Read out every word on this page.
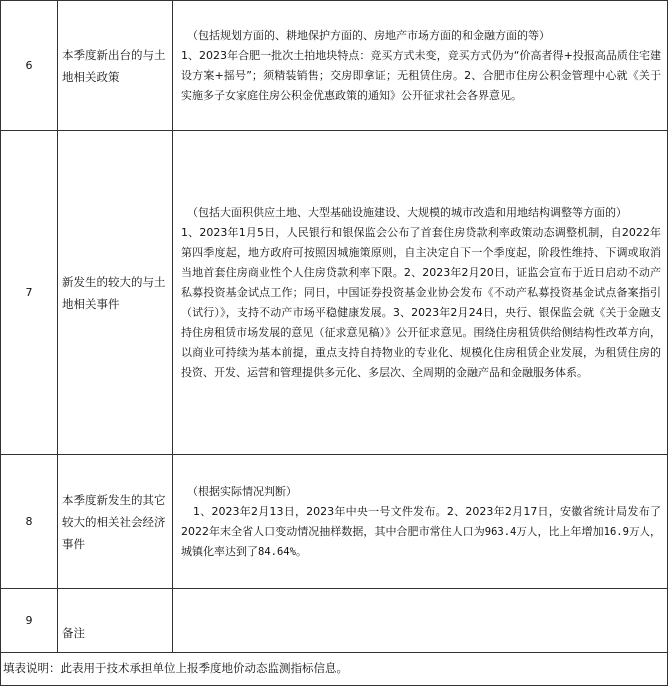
6	本季度新出台的与土地相关政策	（包括规划方面的、耕地保护方面的、房地产市场方面的和金融方面的等）

1、2023年合肥一批次土拍地块特点：竞买方式未变，竞买方式仍为“价高者得+投报高品质住宅建设方案+摇号”；须精装销售；交房即拿证；无租赁住房。2、合肥市住房公积金管理中心就《关于实施多子女家庭住房公积金优惠政策的通知》公开征求社会各界意见。

7	新发生的较大的与土地相关事件	（包括大面积供应土地、大型基础设施建设、大规模的城市改造和用地结构调整等方面的）

1、2023年1月5日，人民银行和银保监会公布了首套住房贷款利率政策动态调整机制，自2022年第四季度起，地方政府可按照因城施策原则，自主决定自下一个季度起，阶段性维持、下调或取消当地首套住房商业性个人住房贷款利率下限。2、2023年2月20日，证监会宣布于近日启动不动产私募投资基金试点工作；同日，中国证券投资基金业协会发布《不动产私募投资基金试点备案指引（试行）》，支持不动产市场平稳健康发展。3、2023年2月24日，央行、银保监会就《关于金融支持住房租赁市场发展的意见（征求意见稿）》公开征求意见。围绕住房租赁供给侧结构性改革方向，以商业可持续为基本前提，重点支持自持物业的专业化、规模化住房租赁企业发展，为租赁住房的投资、开发、运营和管理提供多元化、多层次、全周期的金融产品和金融服务体系。

8	本季度新发生的其它较大的相关社会经济事件	（根据实际情况判断）

1、2023年2月13日，2023年中央一号文件发布。2、2023年2月17日，安徽省统计局发布了2022年末全省人口变动情况抽样数据，其中合肥市常住人口为963.4万人，比上年增加16.9万人，城镇化率达到了84.64%。

9	备注	

填表说明：此表用于技术承担单位上报季度地价动态监测指标信息。
